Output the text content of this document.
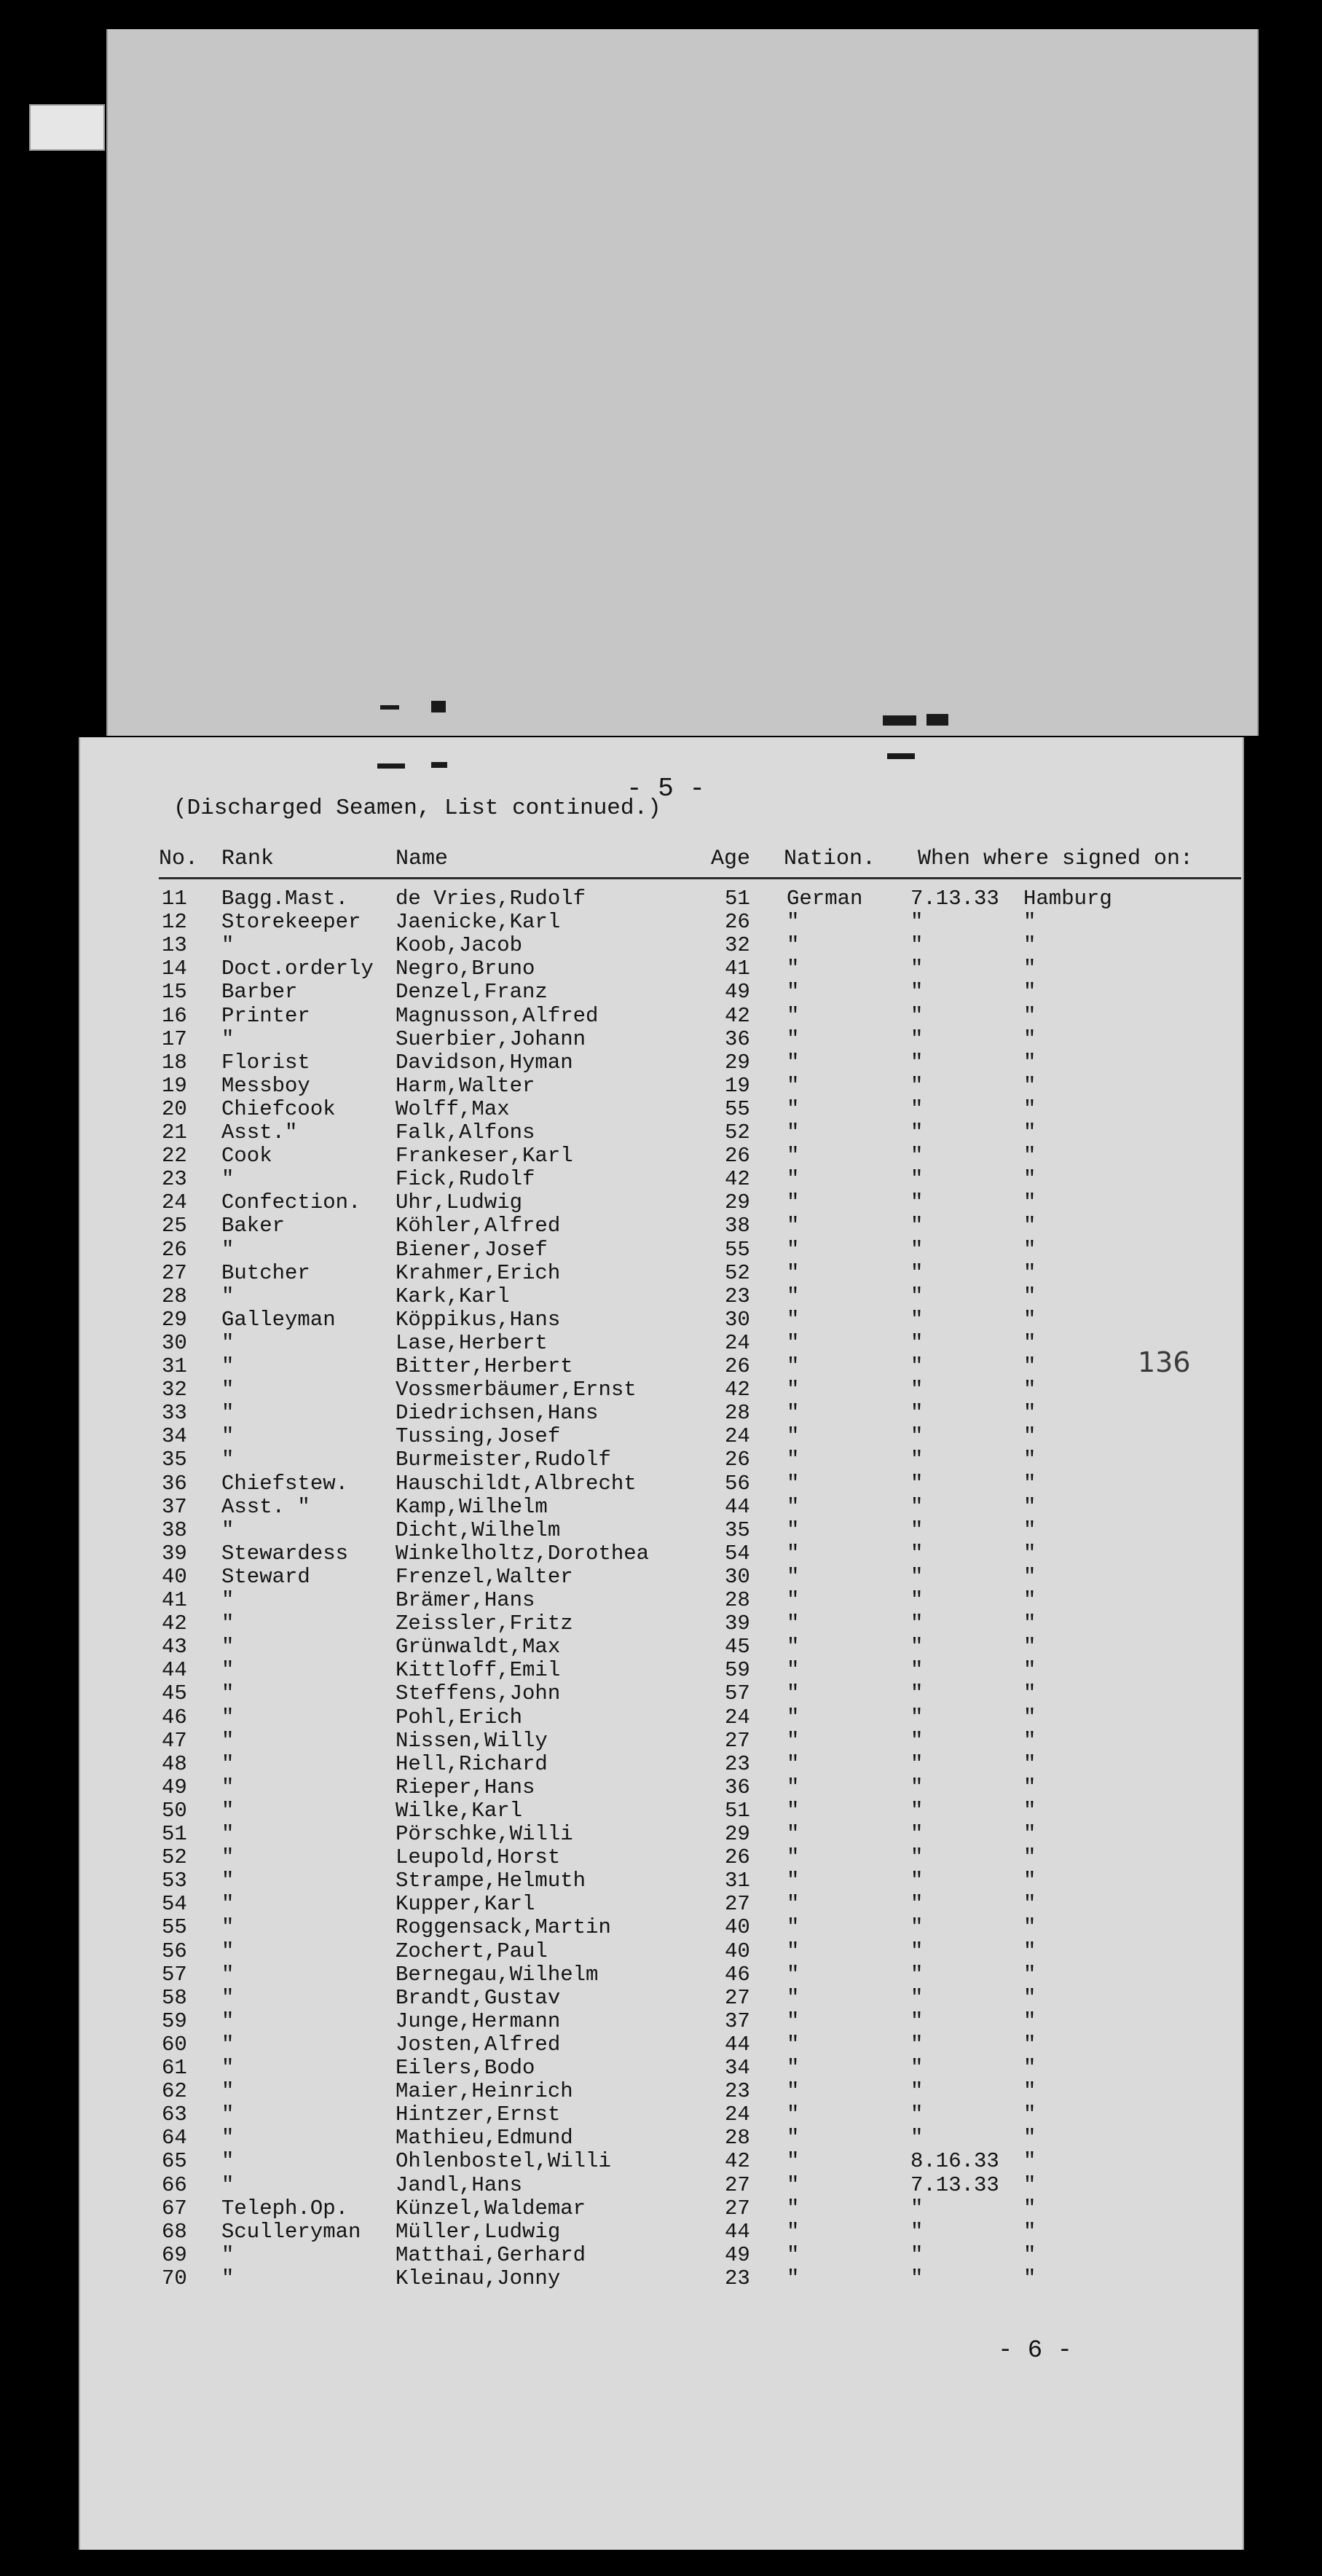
- 5 -
(Discharged Seamen, List continued.)
No. Rank	Name	Age Nation. When where signed on:
11 Bagg.Mast. de Vries,Rudolf	51 German 7.13.33 Hamburg
12 Storekeeper Jaenicke,Karl	26 "	"	"
13 "	Koob,Jacob	32 "	"	"
14 Doct.orderly Negro,Bruno	41 "	"	"
15 Barber	Denzel,Franz	49 "	"	"
16 Printer	Magnusson,Alfred	42 "	"	"
17 "	Suerbier,Johann	36 "	"	"
18 Florist	Davidson,Hyman	29 "	"	"
19 Messboy	Harm,Walter	19 "	"	"
20 Chiefcook	Wolff,Max	55 "	"	"
21 Asst."	Falk,Alfons	52 "	"	"
22 Cook	Frankeser,Karl	26 "	"	"
23 "	Fick,Rudolf	42 "	"	"
24 Confection. Uhr,Ludwig	29 "	"	"
25 Baker	Köhler,Alfred	38 "	"	"
26 "	Biener,Josef	55 "	"	"
27 Butcher	Krahmer,Erich	52 "	"	"
28 "	Kark,Karl	23 "	"	"
29 Galleyman	Köppikus,Hans	30 "	"	"
30 "	Lase,Herbert	24 "	"	"
31 "	Bitter,Herbert	26 "	"	"
32 "	Vossmerbäumer,Ernst	42 "	"	"
33 "	Diedrichsen,Hans	28 "	"	"
34 "	Tussing,Josef	24 "	"	"
35 "	Burmeister,Rudolf	26 "	"	"
36 Chiefstew. Hauschildt,Albrecht	56 "	"	"
37 Asst. "	Kamp,Wilhelm	44 "	"	"
38 "	Dicht,Wilhelm	35 "	"	"
39 Stewardess Winkelholtz,Dorothea	54 "	"	"
40 Steward	Frenzel,Walter	30 "	"	"
41 "	Brämer,Hans	28 "	"	"
42 "	Zeissler,Fritz	39 "	"	"
43 "	Grünwaldt,Max	45 "	"	"
44 "	Kittloff,Emil	59 "	"	"
45 "	Steffens,John	57 "	"	"
46 "	Pohl,Erich	24 "	"	"
47 "	Nissen,Willy	27 "	"	"
48 "	Hell,Richard	23 "	"	"
49 "	Rieper,Hans	36 "	"	"
50 "	Wilke,Karl	51 "	"	"
51 "	Pörschke,Willi	29 "	"	"
52 "	Leupold,Horst	26 "	"	"
53 "	Strampe,Helmuth	31 "	"	"
54 "	Kupper,Karl	27 "	"	"
55 "	Roggensack,Martin	40 "	"	"
56 "	Zochert,Paul	40 "	"	"
57 "	Bernegau,Wilhelm	46 "	"	"
58 "	Brandt,Gustav	27 "	"	"
59 "	Junge,Hermann	37 "	"	"
60 "	Josten,Alfred	44 "	"	"
61 "	Eilers,Bodo	34 "	"	"
62 "	Maier,Heinrich	23 "	"	"
63 "	Hintzer,Ernst	24 "	"	"
64 "	Mathieu,Edmund	28 "	"	"
65 "	Ohlenbostel,Willi	42 "	8.16.33 "
66 "	Jandl,Hans	27 "	7.13.33 "
67 Teleph.Op. Künzel,Waldemar	27 "	"	"
68 Sculleryman Müller,Ludwig	44 "	"	"
69 "	Matthai,Gerhard	49 "	"	"
70 "	Kleinau,Jonny	23 "	"	"
136
- 6 -
